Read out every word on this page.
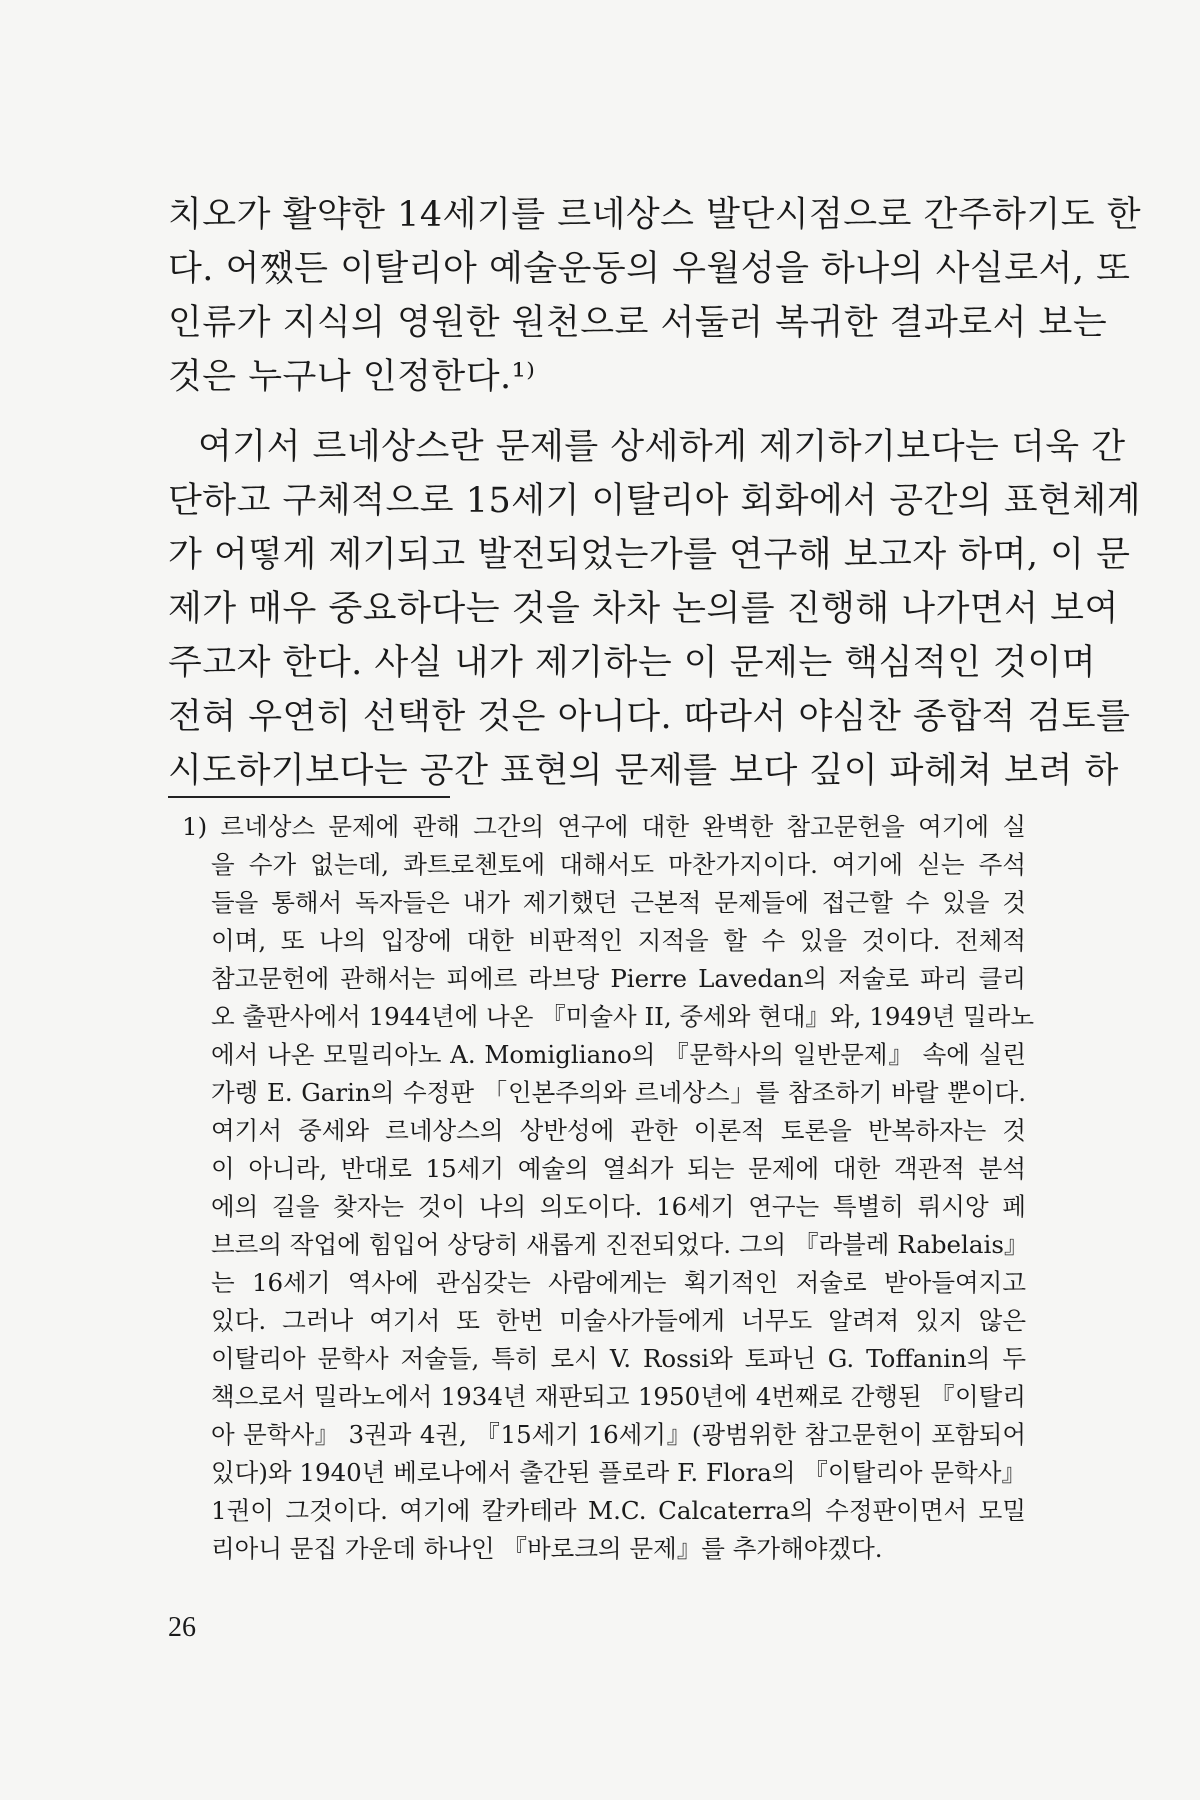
치오가 활약한 14세기를 르네상스 발단시점으로 간주하기도 한
다. 어쨌든 이탈리아 예술운동의 우월성을 하나의 사실로서, 또
인류가 지식의 영원한 원천으로 서둘러 복귀한 결과로서 보는
것은 누구나 인정한다.¹⁾
여기서 르네상스란 문제를 상세하게 제기하기보다는 더욱 간
단하고 구체적으로 15세기 이탈리아 회화에서 공간의 표현체계
가 어떻게 제기되고 발전되었는가를 연구해 보고자 하며, 이 문
제가 매우 중요하다는 것을 차차 논의를 진행해 나가면서 보여
주고자 한다. 사실 내가 제기하는 이 문제는 핵심적인 것이며
전혀 우연히 선택한 것은 아니다. 따라서 야심찬 종합적 검토를
시도하기보다는 공간 표현의 문제를 보다 깊이 파헤쳐 보려 하
1) 르네상스 문제에 관해 그간의 연구에 대한 완벽한 참고문헌을 여기에 실
을 수가 없는데, 콰트로첸토에 대해서도 마찬가지이다. 여기에 싣는 주석
들을 통해서 독자들은 내가 제기했던 근본적 문제들에 접근할 수 있을 것
이며, 또 나의 입장에 대한 비판적인 지적을 할 수 있을 것이다. 전체적
참고문헌에 관해서는 피에르 라브당 Pierre Lavedan의 저술로 파리 클리
오 출판사에서 1944년에 나온 『미술사 II, 중세와 현대』와, 1949년 밀라노
에서 나온 모밀리아노 A. Momigliano의 『문학사의 일반문제』 속에 실린
가렝 E. Garin의 수정판 「인본주의와 르네상스」를 참조하기 바랄 뿐이다.
여기서 중세와 르네상스의 상반성에 관한 이론적 토론을 반복하자는 것
이 아니라, 반대로 15세기 예술의 열쇠가 되는 문제에 대한 객관적 분석
에의 길을 찾자는 것이 나의 의도이다. 16세기 연구는 특별히 뤼시앙 페
브르의 작업에 힘입어 상당히 새롭게 진전되었다. 그의 『라블레 Rabelais』
는 16세기 역사에 관심갖는 사람에게는 획기적인 저술로 받아들여지고
있다. 그러나 여기서 또 한번 미술사가들에게 너무도 알려져 있지 않은
이탈리아 문학사 저술들, 특히 로시 V. Rossi와 토파닌 G. Toffanin의 두
책으로서 밀라노에서 1934년 재판되고 1950년에 4번째로 간행된 『이탈리
아 문학사』 3권과 4권, 『15세기 16세기』(광범위한 참고문헌이 포함되어
있다)와 1940년 베로나에서 출간된 플로라 F. Flora의 『이탈리아 문학사』
1권이 그것이다. 여기에 칼카테라 M.C. Calcaterra의 수정판이면서 모밀
리아니 문집 가운데 하나인 『바로크의 문제』를 추가해야겠다.
26
